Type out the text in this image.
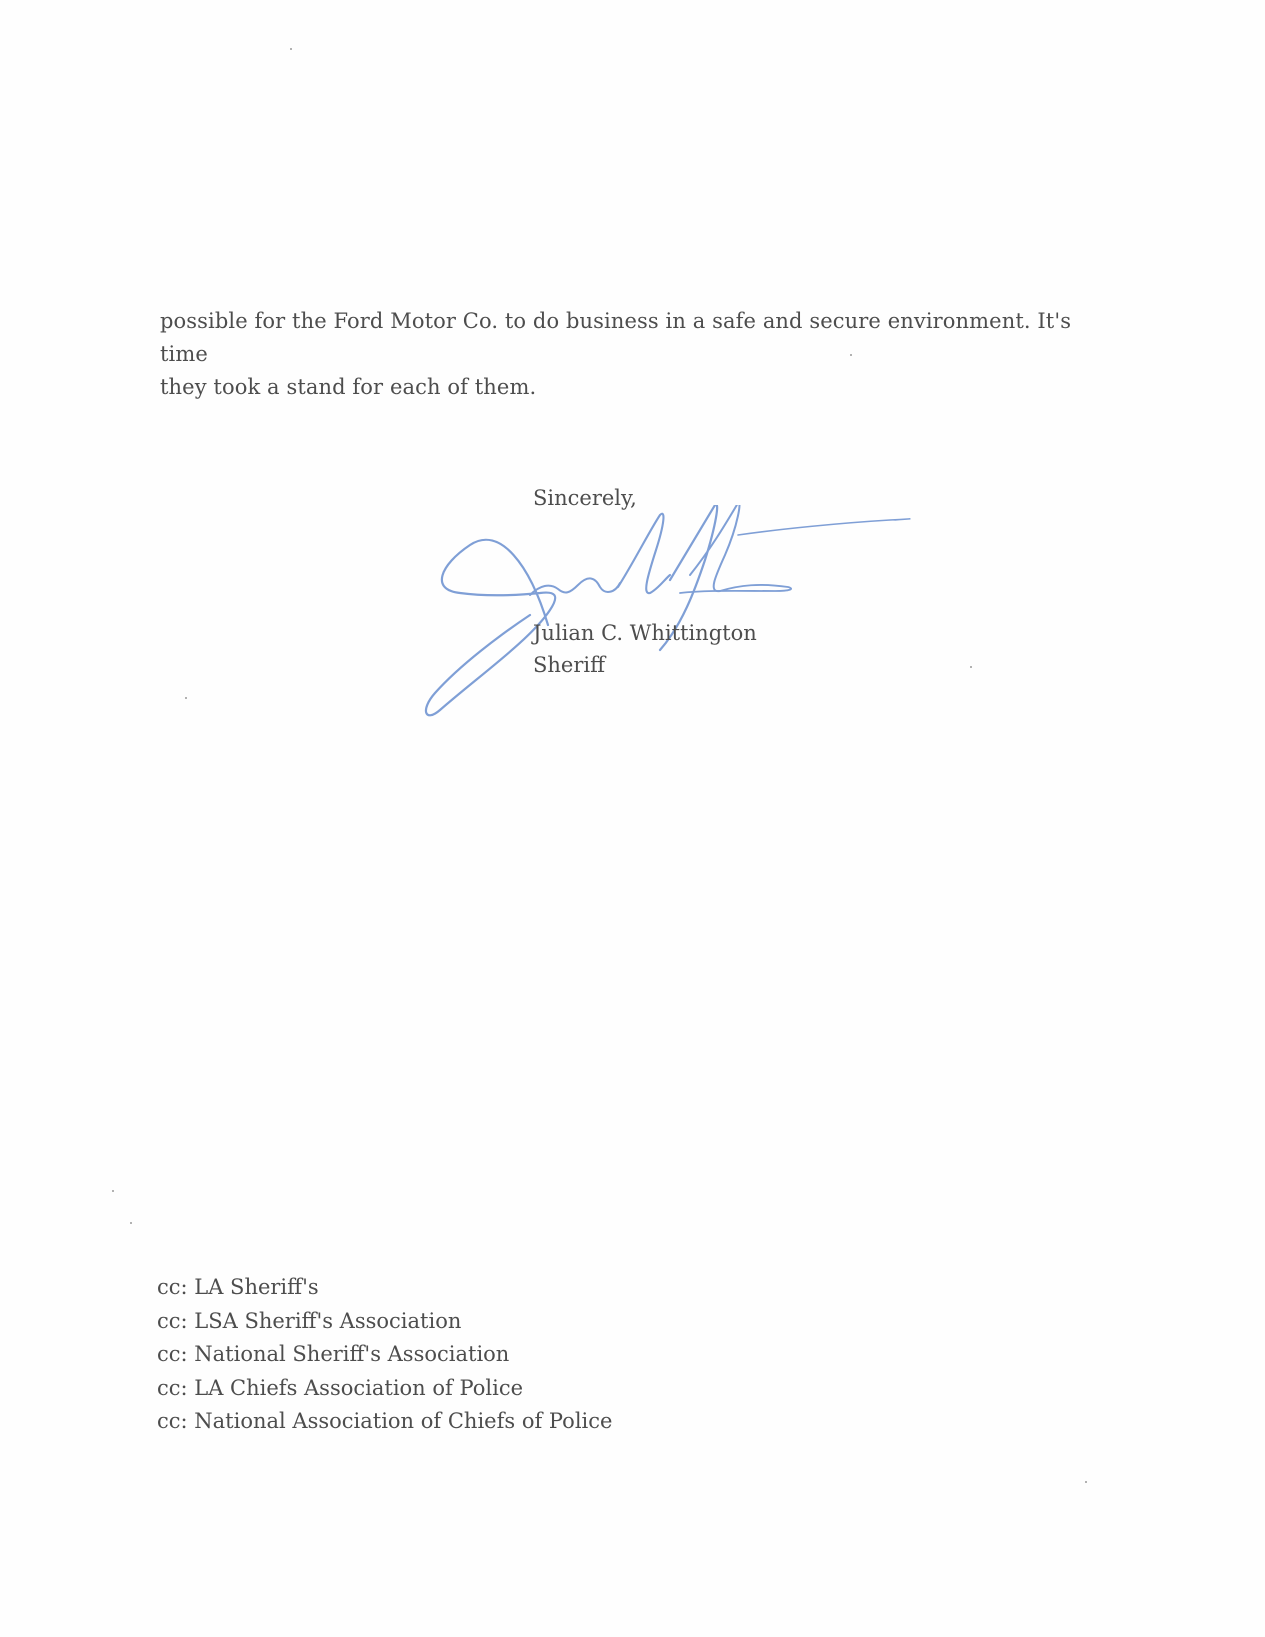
possible for the Ford Motor Co. to do business in a safe and secure environment. It's time
they took a stand for each of them.

Sincerely,

Julian C. Whittington

Sheriff

cc: LA Sheriff's
cc: LSA Sheriff's Association
cc: National Sheriff's Association
cc: LA Chiefs Association of Police
cc: National Association of Chiefs of Police
